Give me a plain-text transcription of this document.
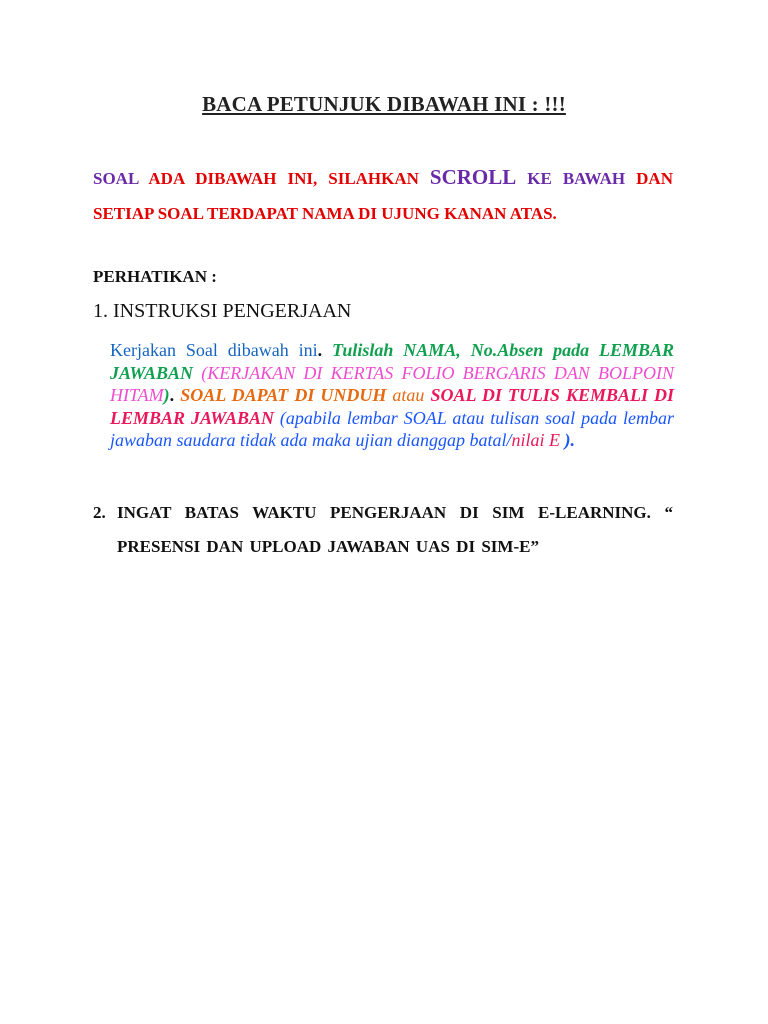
BACA PETUNJUK DIBAWAH INI : !!!
SOAL ADA DIBAWAH INI, SILAHKAN SCROLL KE BAWAH DAN SETIAP SOAL TERDAPAT NAMA DI UJUNG KANAN ATAS.
PERHATIKAN :
1. INSTRUKSI PENGERJAAN
Kerjakan Soal dibawah ini. Tulislah NAMA, No.Absen pada LEMBAR JAWABAN (KERJAKAN DI KERTAS FOLIO BERGARIS DAN BOLPOIN HITAM). SOAL DAPAT DI UNDUH atau SOAL DI TULIS KEMBALI DI LEMBAR JAWABAN (apabila lembar SOAL atau tulisan soal pada lembar jawaban saudara tidak ada maka ujian dianggap batal/nilai E ).
2. INGAT BATAS WAKTU PENGERJAAN DI SIM E-LEARNING. “ PRESENSI DAN UPLOAD JAWABAN UAS DI SIM-E”
